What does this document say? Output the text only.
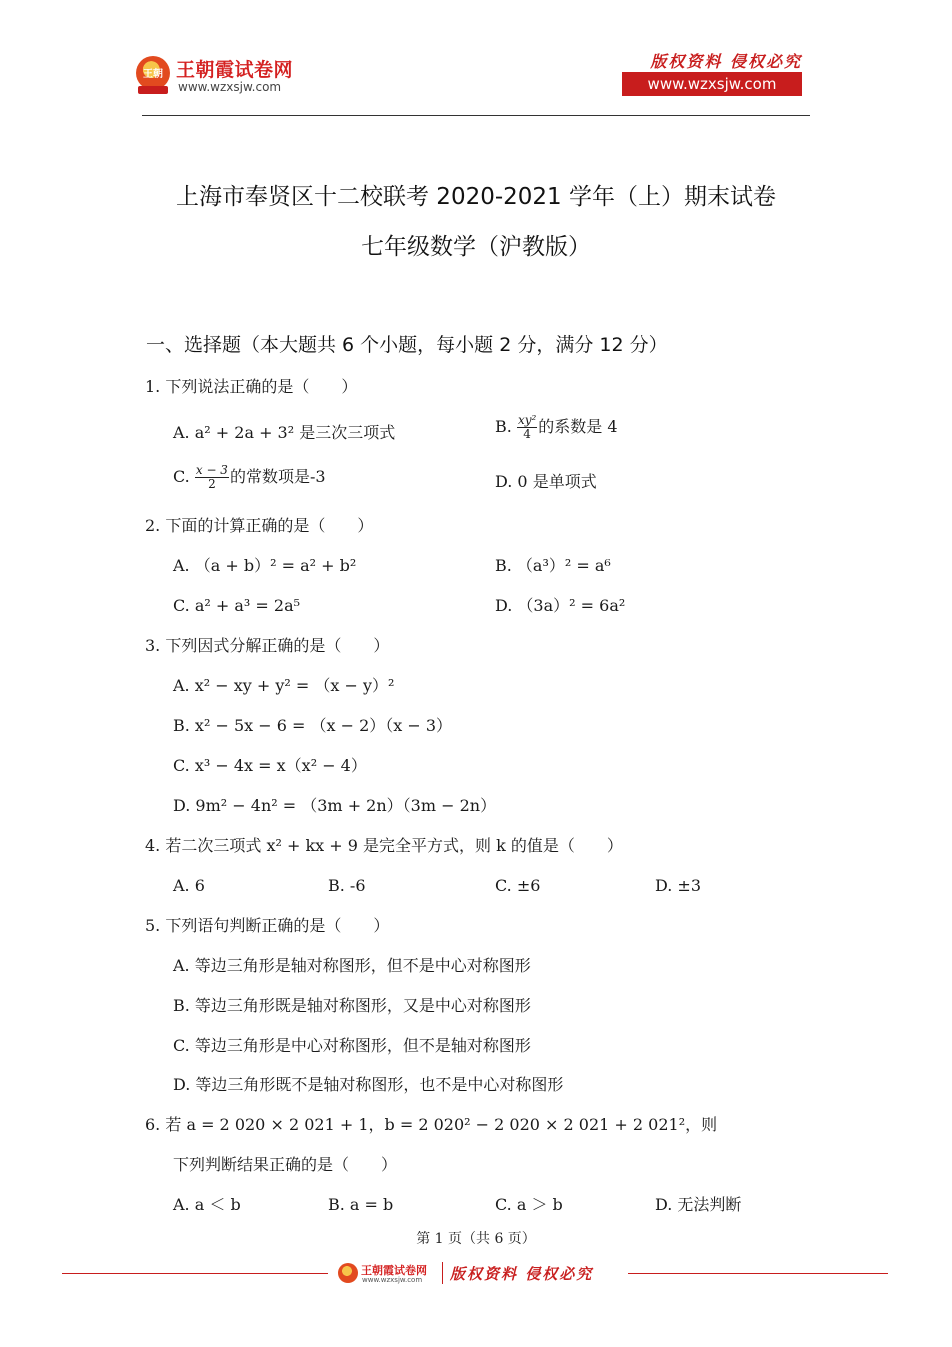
王朝 王朝霞试卷网
www.wzxsjw.com
版权资料 侵权必究
www.wzxsjw.com
上海市奉贤区十二校联考 2020-2021 学年（上）期末试卷
七年级数学（沪教版）
一、选择题（本大题共 6 个小题，每小题 2 分，满分 12 分）
1. 下列说法正确的是（　　）
A. a² + 2a + 3² 是三次三项式	B. $\frac{\text{xy²}}{4}$ 的系数是 4
C. $\frac{x - 3}{2}$ 的常数项是-3	D. 0 是单项式
2. 下面的计算正确的是（　　）
A. （a + b）² = a² + b²	B. （a³）² = a⁶
C. a² + a³ = 2a⁵	D. （3a）² = 6a²
3. 下列因式分解正确的是（　　）
A. x² − xy + y² = （x − y）²
B. x² − 5x − 6 = （x − 2）（x − 3）
C. x³ − 4x = x（x² − 4）
D. 9m² − 4n² = （3m + 2n）（3m − 2n）
4. 若二次三项式 x² + kx + 9 是完全平方式，则 k 的值是（　　）
A. 6	B. -6	C. ±6	D. ±3
5. 下列语句判断正确的是（　　）
A. 等边三角形是轴对称图形，但不是中心对称图形
B. 等边三角形既是轴对称图形，又是中心对称图形
C. 等边三角形是中心对称图形，但不是轴对称图形
D. 等边三角形既不是轴对称图形，也不是中心对称图形
6. 若 a = 2 020 × 2 021 + 1，b = 2 020² − 2 020 × 2 021 + 2 021²，则
下列判断结果正确的是（　　）
A. a ＜ b	B. a = b	C. a ＞ b	D. 无法判断
第 1 页（共 6 页）
王朝霞试卷网
www.wzxsjw.com 版权资料 侵权必究
